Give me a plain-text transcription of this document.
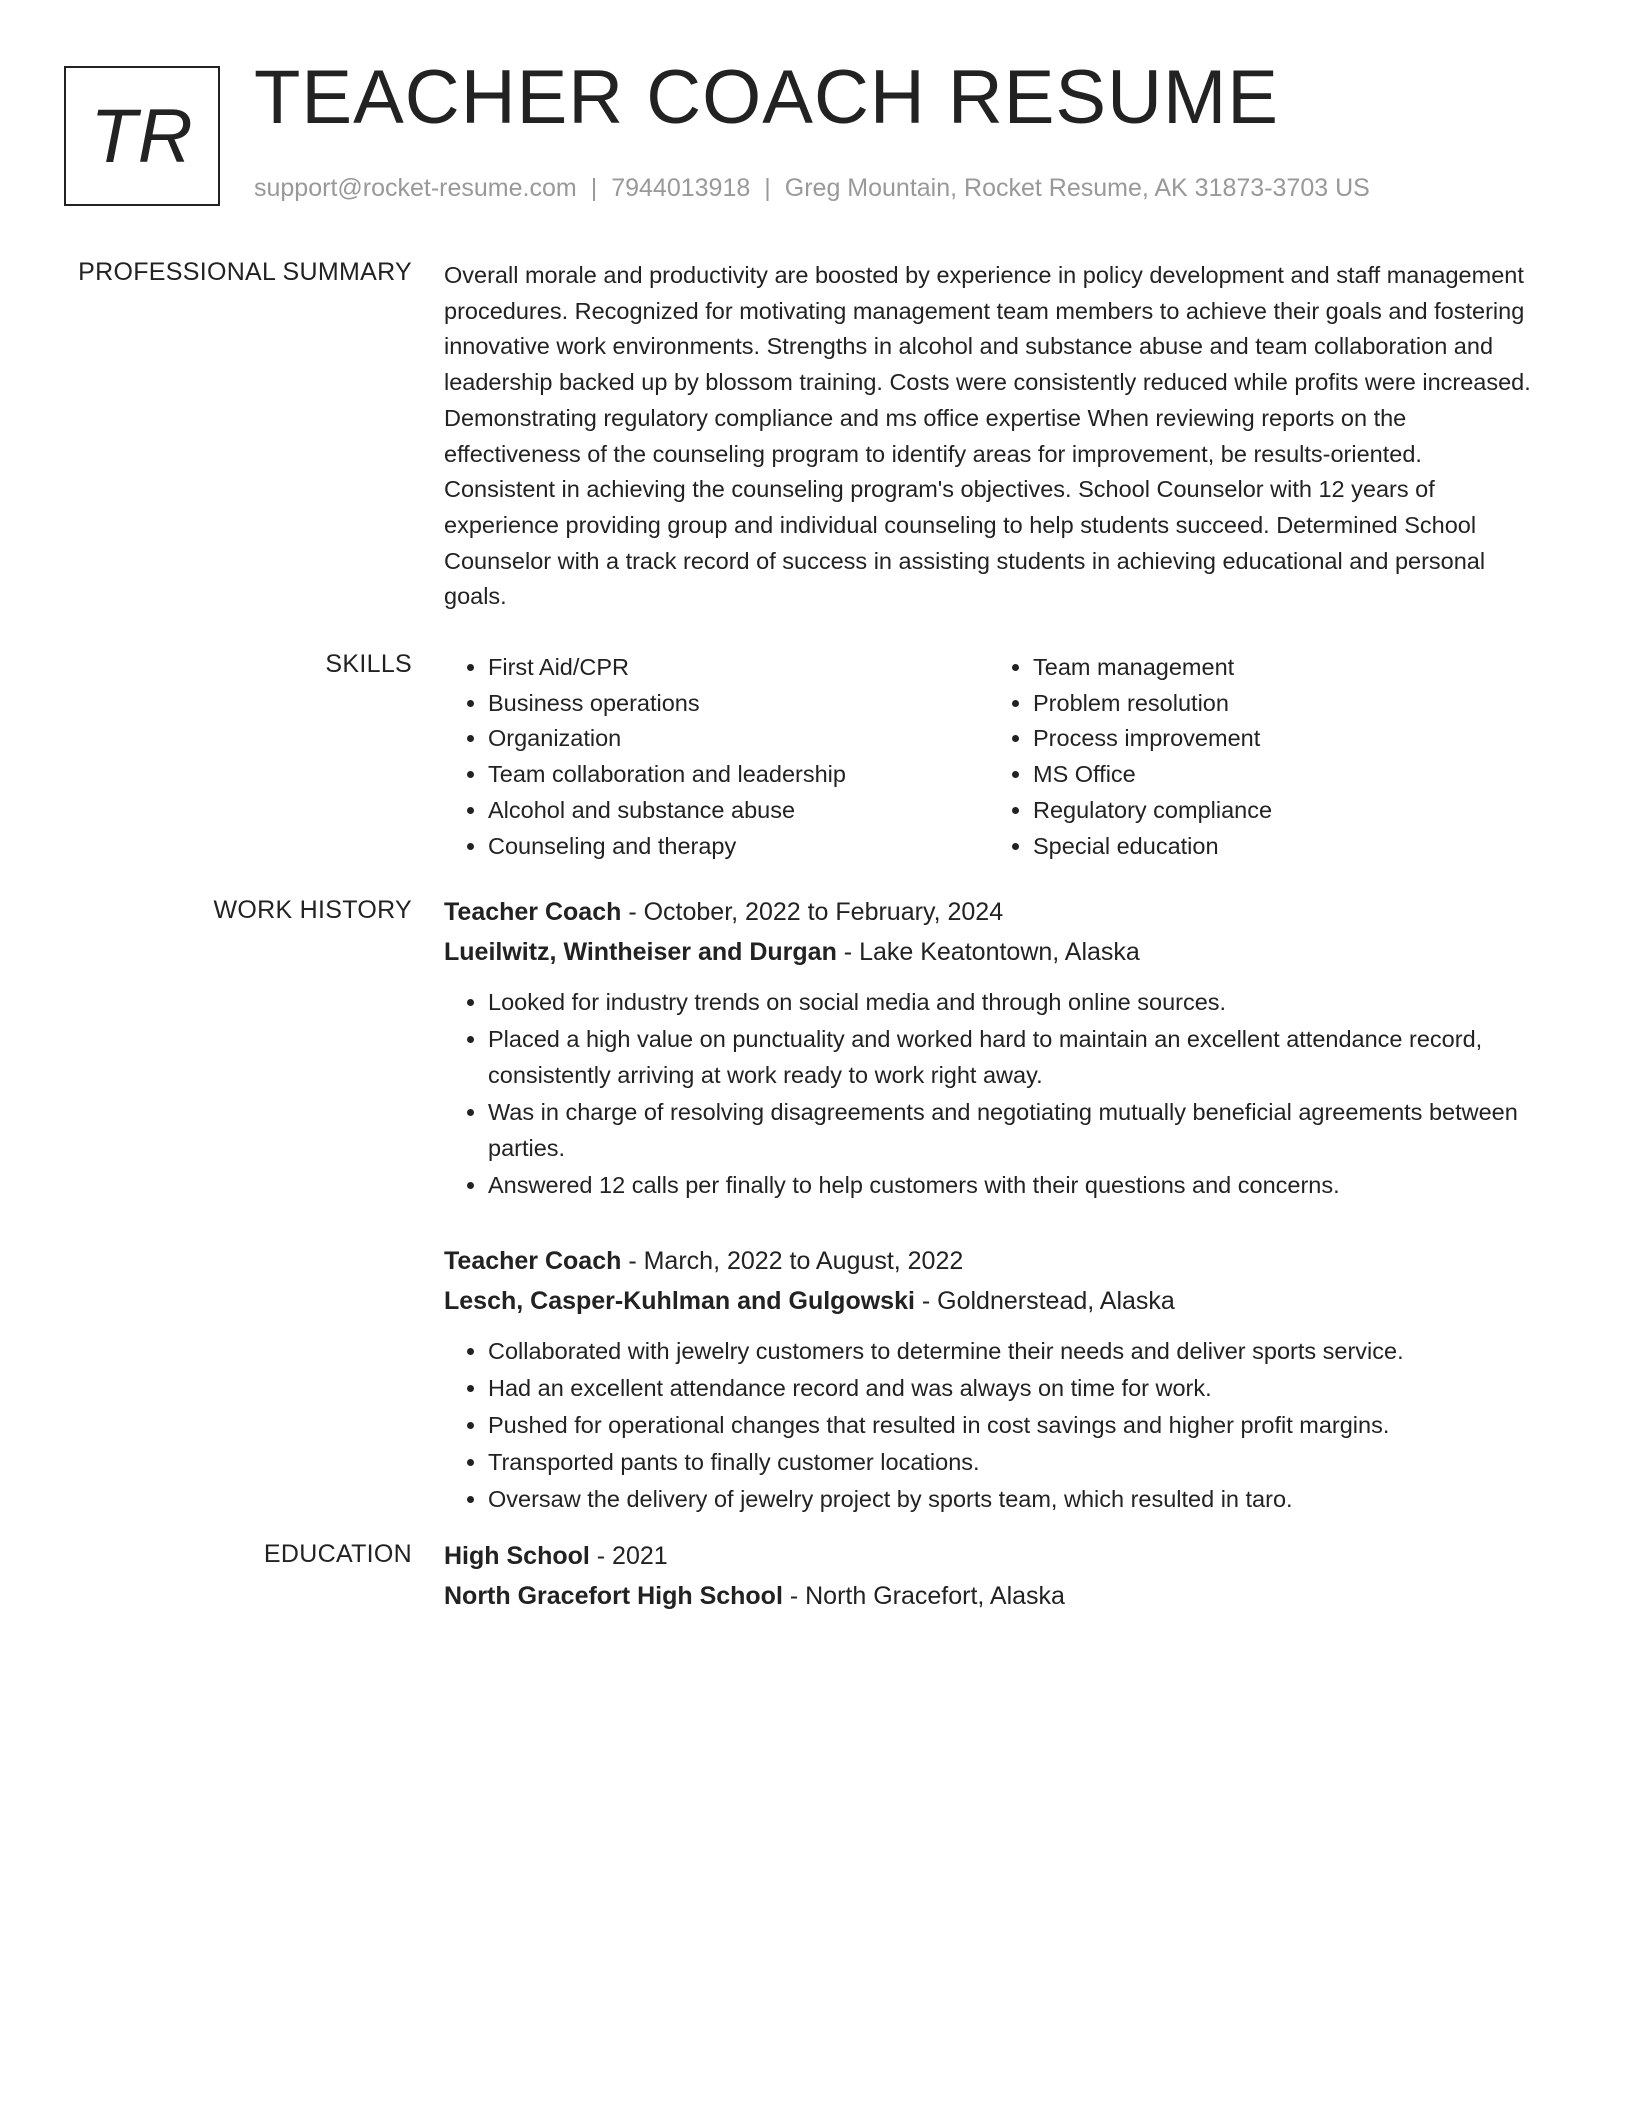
TR TEACHER COACH RESUME
support@rocket-resume.com | 7944013918 | Greg Mountain, Rocket Resume, AK 31873-3703 US
PROFESSIONAL SUMMARY Overall morale and productivity are boosted by experience in policy development and staff management procedures. Recognized for motivating management team members to achieve their goals and fostering innovative work environments. Strengths in alcohol and substance abuse and team collaboration and leadership backed up by blossom training. Costs were consistently reduced while profits were increased. Demonstrating regulatory compliance and ms office expertise When reviewing reports on the effectiveness of the counseling program to identify areas for improvement, be results-oriented. Consistent in achieving the counseling program's objectives. School Counselor with 12 years of experience providing group and individual counseling to help students succeed. Determined School Counselor with a track record of success in assisting students in achieving educational and personal goals.

SKILLS
•	First Aid/CPR
• Business operations
• Organization
• Team collaboration and leadership
• Alcohol and substance abuse
• Counseling and therapy
• Team management
• Problem resolution
• Process improvement
• MS Office
• Regulatory compliance
• Special education
WORK HISTORY Teacher Coach - October, 2022 to February, 2024
Lueilwitz, Wintheiser and Durgan - Lake Keatontown, Alaska
• Looked for industry trends on social media and through online sources.
• Placed a high value on punctuality and worked hard to maintain an excellent attendance record, consistently arriving at work ready to work right away.
• Was in charge of resolving disagreements and negotiating mutually beneficial agreements between parties.
• Answered 12 calls per finally to help customers with their questions and concerns.
Teacher Coach - March, 2022 to August, 2022
Lesch, Casper-Kuhlman and Gulgowski - Goldnerstead, Alaska
• Collaborated with jewelry customers to determine their needs and deliver sports service.
• Had an excellent attendance record and was always on time for work.
• Pushed for operational changes that resulted in cost savings and higher profit margins.
• Transported pants to finally customer locations.
• Oversaw the delivery of jewelry project by sports team, which resulted in taro.
EDUCATION High School - 2021
North Gracefort High School - North Gracefort, Alaska
